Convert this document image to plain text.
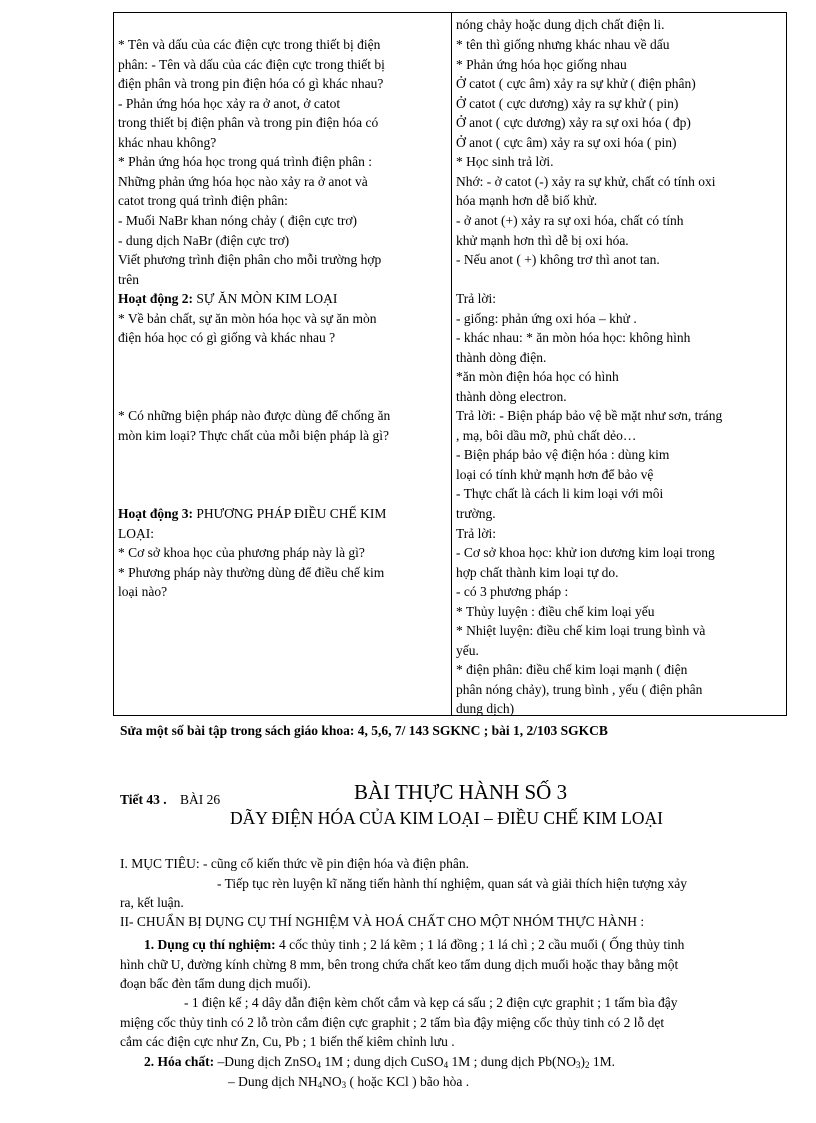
* Tên và dấu của các điện cực trong thiết bị điện
phân: - Tên và dấu của các điện cực trong thiết bị
điện phân và trong pin điện hóa có gì khác nhau?
- Phản ứng hóa học xảy ra ở anot, ở catot
trong thiết bị điện phân và trong pin điện hóa có
khác nhau không?
* Phản ứng hóa học trong quá trình điện phân :
Những phản ứng hóa học nào xảy ra ở anot và
catot trong quá trình điện phân:
- Muối NaBr khan nóng chảy ( điện cực trơ)
- dung dịch NaBr (điện cực trơ)
Viết phương trình điện phân cho mỗi trường hợp
trên
Hoạt động 2: SỰ ĂN MÒN KIM LOẠI
* Về bản chất, sự ăn mòn hóa học và sự ăn mòn
điện hóa học có gì giống và khác nhau ?
* Có những biện pháp nào được dùng để chống ăn
mòn kim loại? Thực chất của mỗi biện pháp là gì?
Hoạt động 3: PHƯƠNG PHÁP ĐIỀU CHẾ KIM
LOẠI:
* Cơ sở khoa học của phương pháp này là gì?
* Phương pháp này thường dùng để điều chế kim
loại nào?
nóng chảy hoặc dung dịch chất điện li.
* tên thì giống nhưng khác nhau về dấu
* Phản ứng hóa học giống nhau
Ở catot ( cực âm) xảy ra sự khử ( điện phân)
Ở catot ( cực dương) xảy ra sự khử ( pin)
Ở anot ( cực dương) xảy ra sự oxi hóa ( đp)
Ở anot ( cực âm) xảy ra sự oxi hóa ( pin)
* Học sinh trả lời.
Nhớ: - ở catot (-) xảy ra sự khử, chất có tính oxi
hóa mạnh hơn dễ biố khử.
- ở anot (+) xảy ra sự oxi hóa, chất có tính
khử mạnh hơn thì dễ bị oxi hóa.
- Nếu anot ( +) không trơ thì anot tan.
Trả lời:
- giống: phản ứng oxi hóa – khử .
- khác nhau: * ăn mòn hóa học: không hình
thành dòng điện.
*ăn mòn điện hóa học có hình
thành dòng electron.
Trả lời: - Biện pháp bảo vệ bề mặt như sơn, tráng
, mạ, bôi dầu mỡ, phủ chất dẻo…
- Biện pháp bảo vệ điện hóa : dùng kim
loại có tính khử mạnh hơn để bảo vệ
- Thực chất là cách li kim loại với môi
trường.
Trả lời:
- Cơ sở khoa học: khử ion dương kim loại trong
hợp chất thành kim loại tự do.
- có 3 phương pháp :
* Thủy luyện : điều chế kim loại yếu
* Nhiệt luyện: điều chế kim loại trung bình và
yếu.
* điện phân: điều chế kim loại mạnh ( điện
phân nóng chảy), trung bình , yếu ( điện phân
dung dịch)
Sửa một số bài tập trong sách giáo khoa: 4, 5,6, 7/ 143 SGKNC ; bài 1, 2/103 SGKCB
Tiết 43 . BÀI 26	BÀI THỰC HÀNH SỐ 3
DÃY ĐIỆN HÓA CỦA KIM LOẠI – ĐIỀU CHẾ KIM LOẠI
I. MỤC TIÊU: - cũng cố kiến thức về pin điện hóa và điện phân.
- Tiếp tục rèn luyện kĩ năng tiến hành thí nghiệm, quan sát và giải thích hiện tượng xảy
ra, kết luận.
II- CHUẨN BỊ DỤNG CỤ THÍ NGHIỆM VÀ HOÁ CHẤT CHO MỘT NHÓM THỰC HÀNH :
1. Dụng cụ thí nghiệm: 4 cốc thủy tinh ; 2 lá kẽm ; 1 lá đồng ; 1 lá chì ; 2 cầu muối ( Ống thủy tinh
hình chữ U, đường kính chừng 8 mm, bên trong chứa chất keo tẩm dung dịch muối hoặc thay bằng một
đoạn bấc đèn tẩm dung dịch muối).
- 1 điện kế ; 4 dây dẫn điện kèm chốt cắm và kẹp cá sấu ; 2 điện cực graphit ; 1 tấm bìa đậy
miệng cốc thủy tinh có 2 lỗ tròn cắm điện cực graphit ; 2 tấm bìa đậy miệng cốc thủy tinh có 2 lỗ dẹt
cắm các điện cực như Zn, Cu, Pb ; 1 biến thế kiêm chỉnh lưu .
2. Hóa chất: –Dung dịch ZnSO$_4$ 1M ; dung dịch CuSO$_4$ 1M ; dung dịch $Pb(NO_3)_2$ 1M.
– Dung dịch $NH_4NO_3$ ( hoặc KCl ) bão hòa .
